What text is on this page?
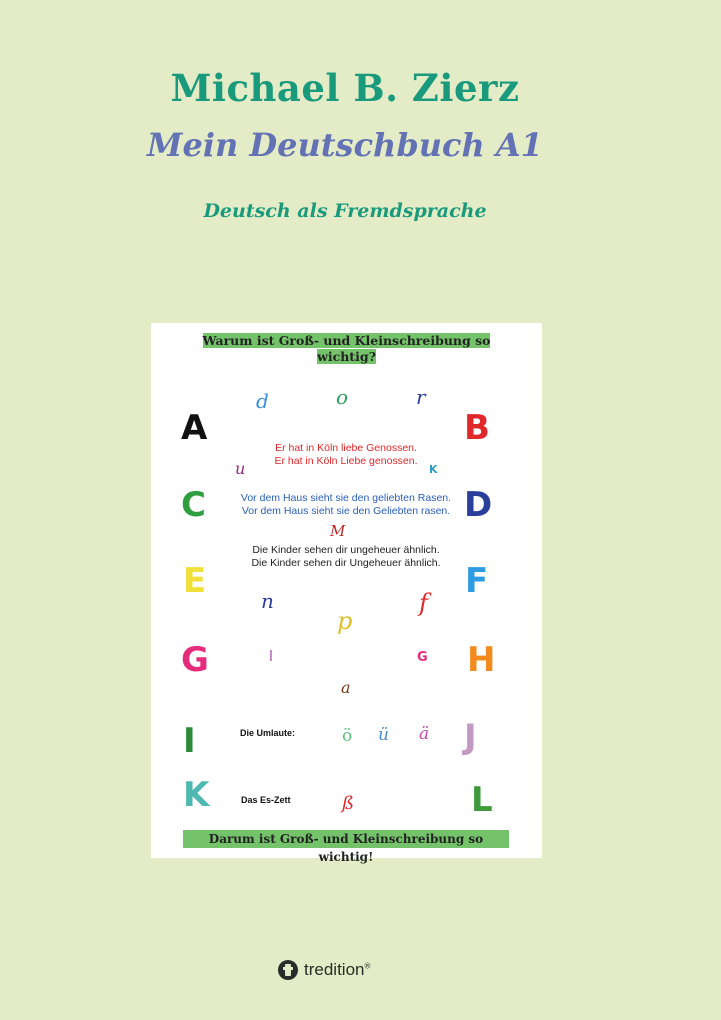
Michael B. Zierz
Mein Deutschbuch A1
Deutsch als Fremdsprache
Warum ist Groß- und Kleinschreibung so wichtig?
A	B
C	D
E	F
G	H
I	J
K	L
d	o	r
u	K
M
n	f
p
l	G
a
ö ü ä
ß
Er hat in Köln liebe Genossen.
Er hat in Köln Liebe genossen.
Vor dem Haus sieht sie den geliebten Rasen.
Vor dem Haus sieht sie den Geliebten rasen.
Die Kinder sehen dir ungeheuer ähnlich.
Die Kinder sehen dir Ungeheuer ähnlich.
Die Umlaute:
Das Es-Zett
Darum ist Groß- und Kleinschreibung so wichtig!
tredition®
